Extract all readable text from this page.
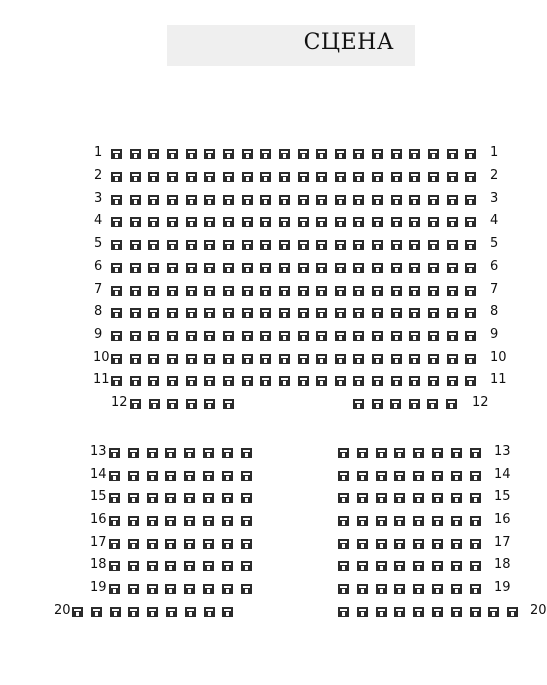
СЦЕНА
1	1
2	2
3	3
4	4
5	5
6	6
7	7
8	8
9	9
10	10
11	11
12	12
13	13
14	14
15	15
16	16
17	17
18	18
19	19
20	20
